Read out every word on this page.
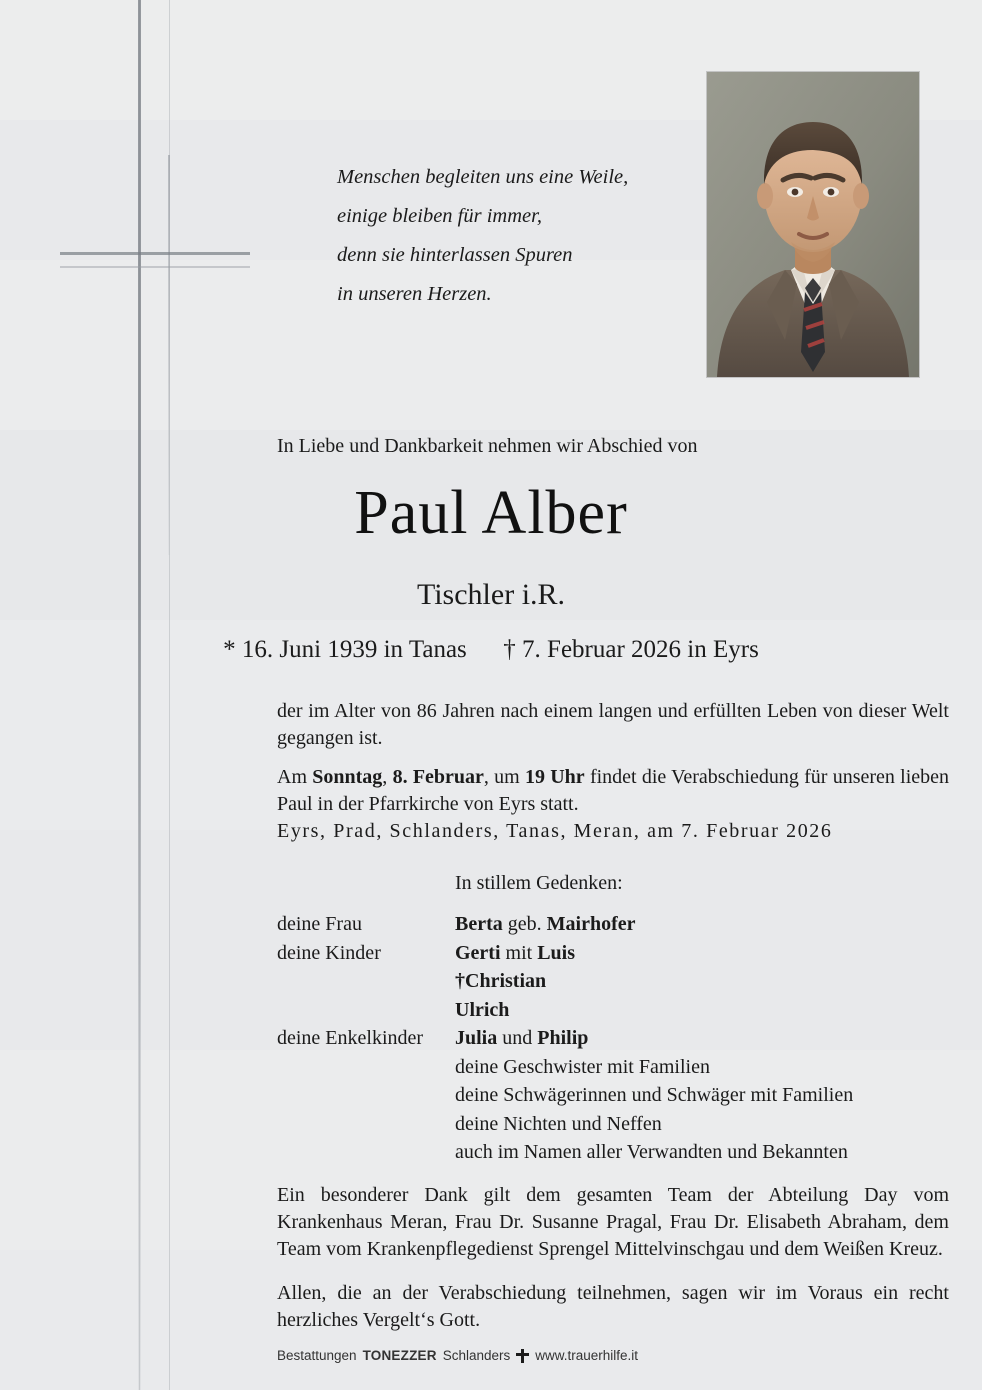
Menschen begleiten uns eine Weile,
einige bleiben für immer,
denn sie hinterlassen Spuren
in unseren Herzen.
In Liebe und Dankbarkeit nehmen wir Abschied von
Paul Alber
Tischler i.R.
* 16. Juni 1939 in Tanas † 7. Februar 2026 in Eyrs

der im Alter von 86 Jahren nach einem langen und erfüllten Leben von dieser Welt gegangen ist.

Am Sonntag, 8. Februar, um 19 Uhr findet die Verabschiedung für unseren lieben Paul in der Pfarrkirche von Eyrs statt.

Eyrs, Prad, Schlanders, Tanas, Meran, am 7. Februar 2026
In stillem Gedenken:
deine Frau	Berta geb. Mairhofer
deine Kinder	Gerti mit Luis
†Christian
Ulrich
deine Enkelkinder	Julia und Philip
deine Geschwister mit Familien
deine Schwägerinnen und Schwäger mit Familien
deine Nichten und Neffen
auch im Namen aller Verwandten und Bekannten

Ein besonderer Dank gilt dem gesamten Team der Abteilung Day vom Krankenhaus Meran, Frau Dr. Susanne Pragal, Frau Dr. Elisabeth Abraham, dem Team vom Krankenpflegedienst Sprengel Mittelvinschgau und dem Weißen Kreuz.

Allen, die an der Verabschiedung teilnehmen, sagen wir im Voraus ein recht herzliches Vergelt‘s Gott.

Bestattungen TONEZZER Schlanders www.trauerhilfe.it
